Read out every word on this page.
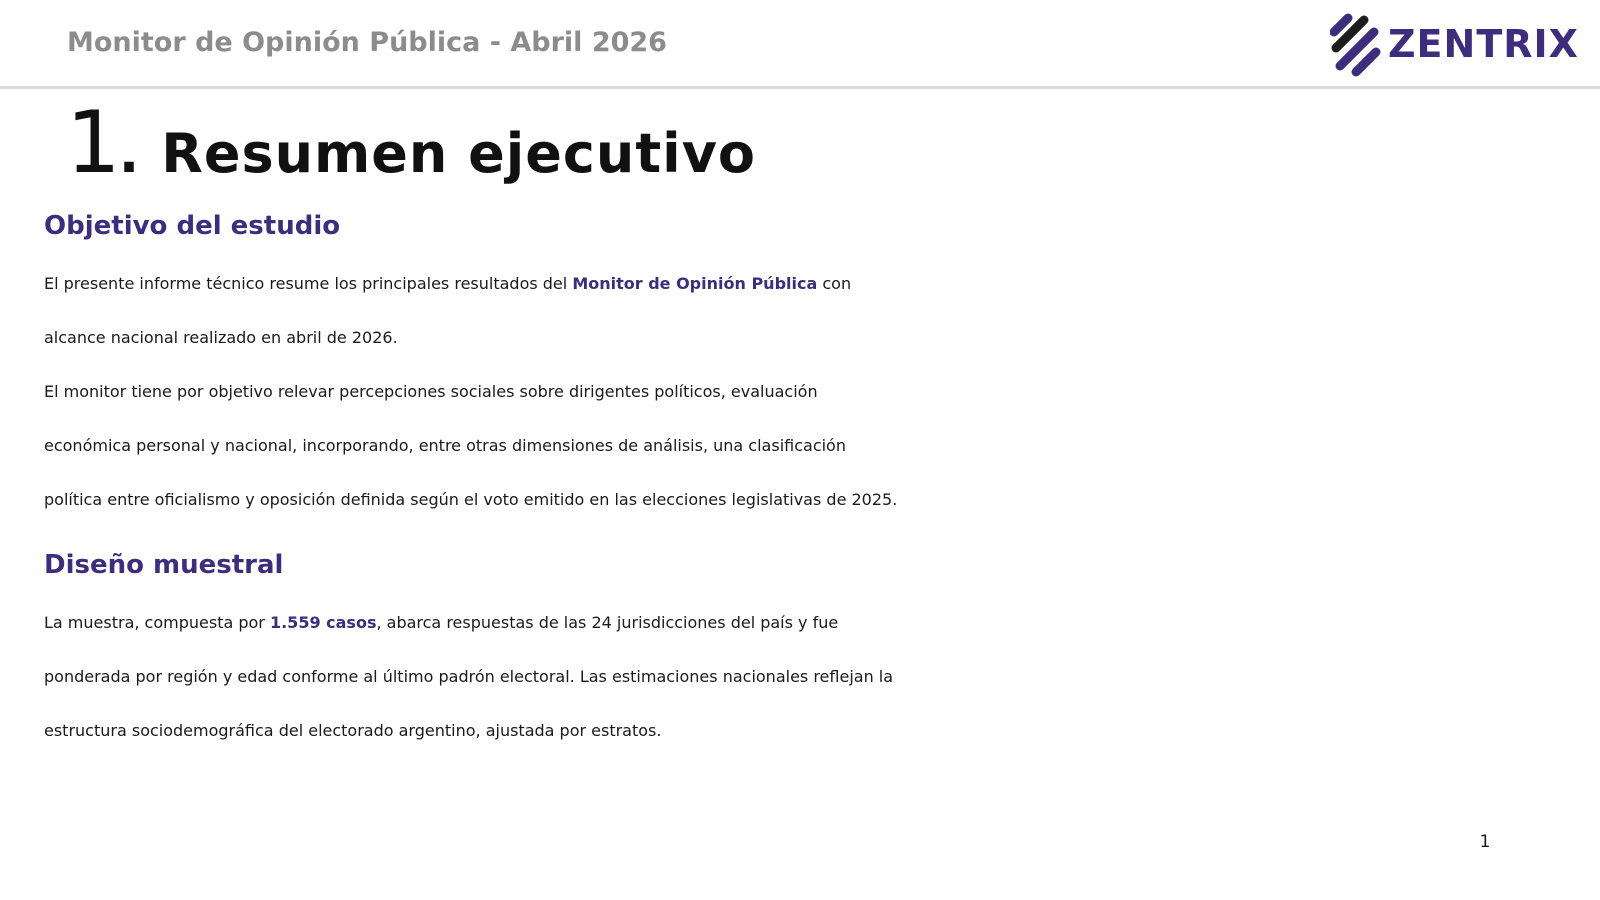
Monitor de Opinión Pública - Abril 2026	ZENTRIX
1 . Resumen ejecutivo
Objetivo del estudio
El presente informe técnico resume los principales resultados del Monitor de Opinión Pública con
alcance nacional realizado en abril de 2026.
El monitor tiene por objetivo relevar percepciones sociales sobre dirigentes políticos, evaluación
económica personal y nacional, incorporando, entre otras dimensiones de análisis, una clasificación
política entre oficialismo y oposición definida según el voto emitido en las elecciones legislativas de 2025.
Diseño muestral
La muestra, compuesta por 1.559 casos, abarca respuestas de las 24 jurisdicciones del país y fue
ponderada por región y edad conforme al último padrón electoral. Las estimaciones nacionales reflejan la
estructura sociodemográfica del electorado argentino, ajustada por estratos.
1
